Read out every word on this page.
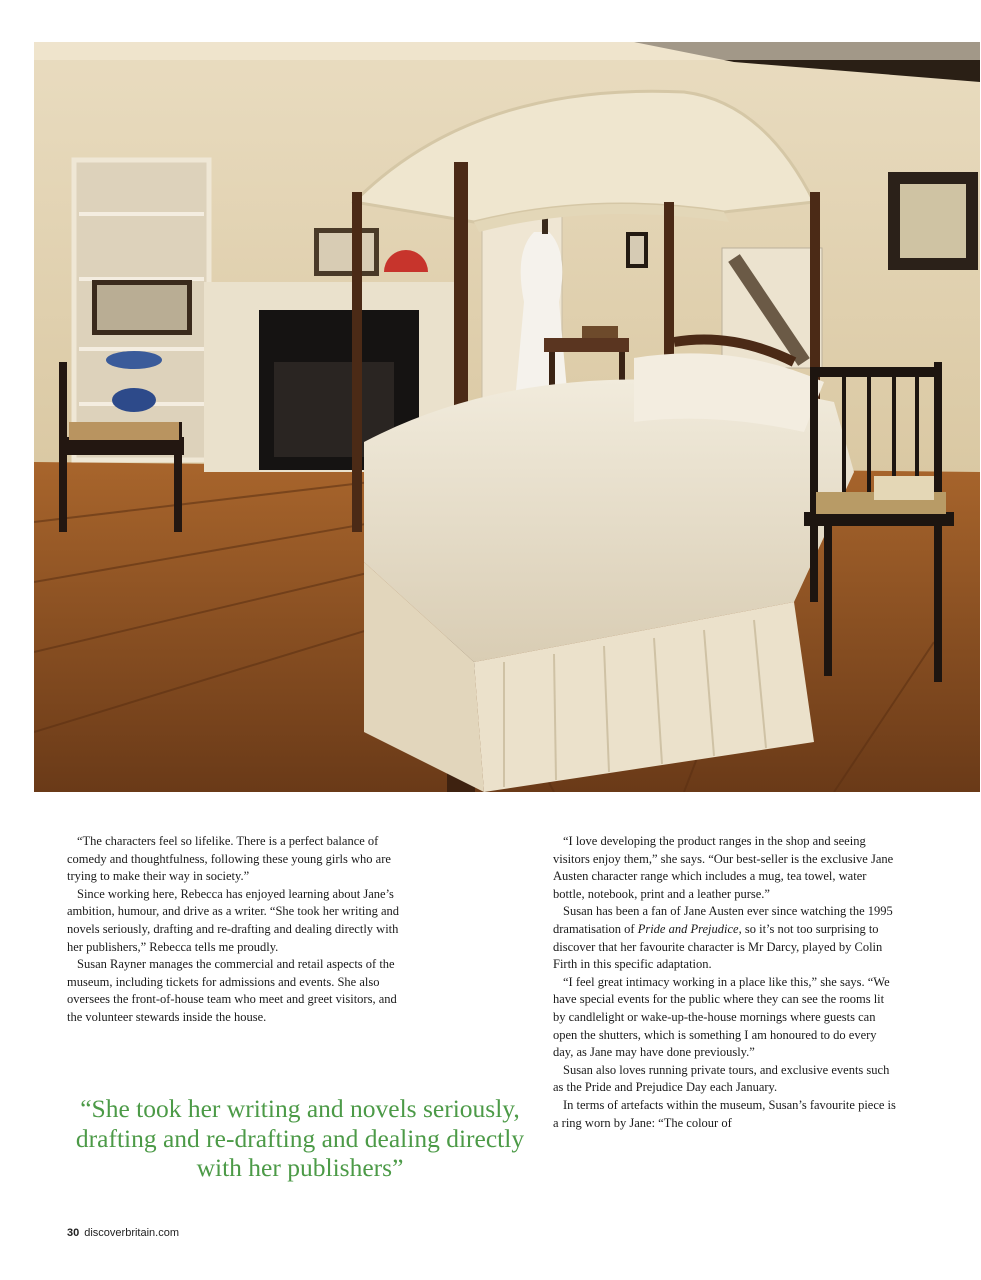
“The characters feel so lifelike. There is a perfect balance of comedy and thoughtfulness, following these young girls who are trying to make their way in society.”

Since working here, Rebecca has enjoyed learning about Jane’s ambition, humour, and drive as a writer. “She took her writing and novels seriously, drafting and re-drafting and dealing directly with her publishers,” Rebecca tells me proudly.

Susan Rayner manages the commercial and retail aspects of the museum, including tickets for admissions and events. She also oversees the front-of-house team who meet and greet visitors, and the volunteer stewards inside the house.

“I love developing the product ranges in the shop and seeing visitors enjoy them,” she says. “Our best-seller is the exclusive Jane Austen character range which includes a mug, tea towel, water bottle, notebook, print and a leather purse.”

Susan has been a fan of Jane Austen ever since watching the 1995 dramatisation of Pride and Prejudice, so it’s not too surprising to discover that her favourite character is Mr Darcy, played by Colin Firth in this specific adaptation.

“I feel great intimacy working in a place like this,” she says. “We have special events for the public where they can see the rooms lit by candlelight or wake-up-the-house mornings where guests can open the shutters, which is something I am honoured to do every day, as Jane may have done previously.”

Susan also loves running private tours, and exclusive events such as the Pride and Prejudice Day each January.

In terms of artefacts within the museum, Susan’s favourite piece is a ring worn by Jane: “The colour of

“She took her writing and novels seriously, drafting and re-drafting and dealing directly with her publishers”
30 discoverbritain.com
